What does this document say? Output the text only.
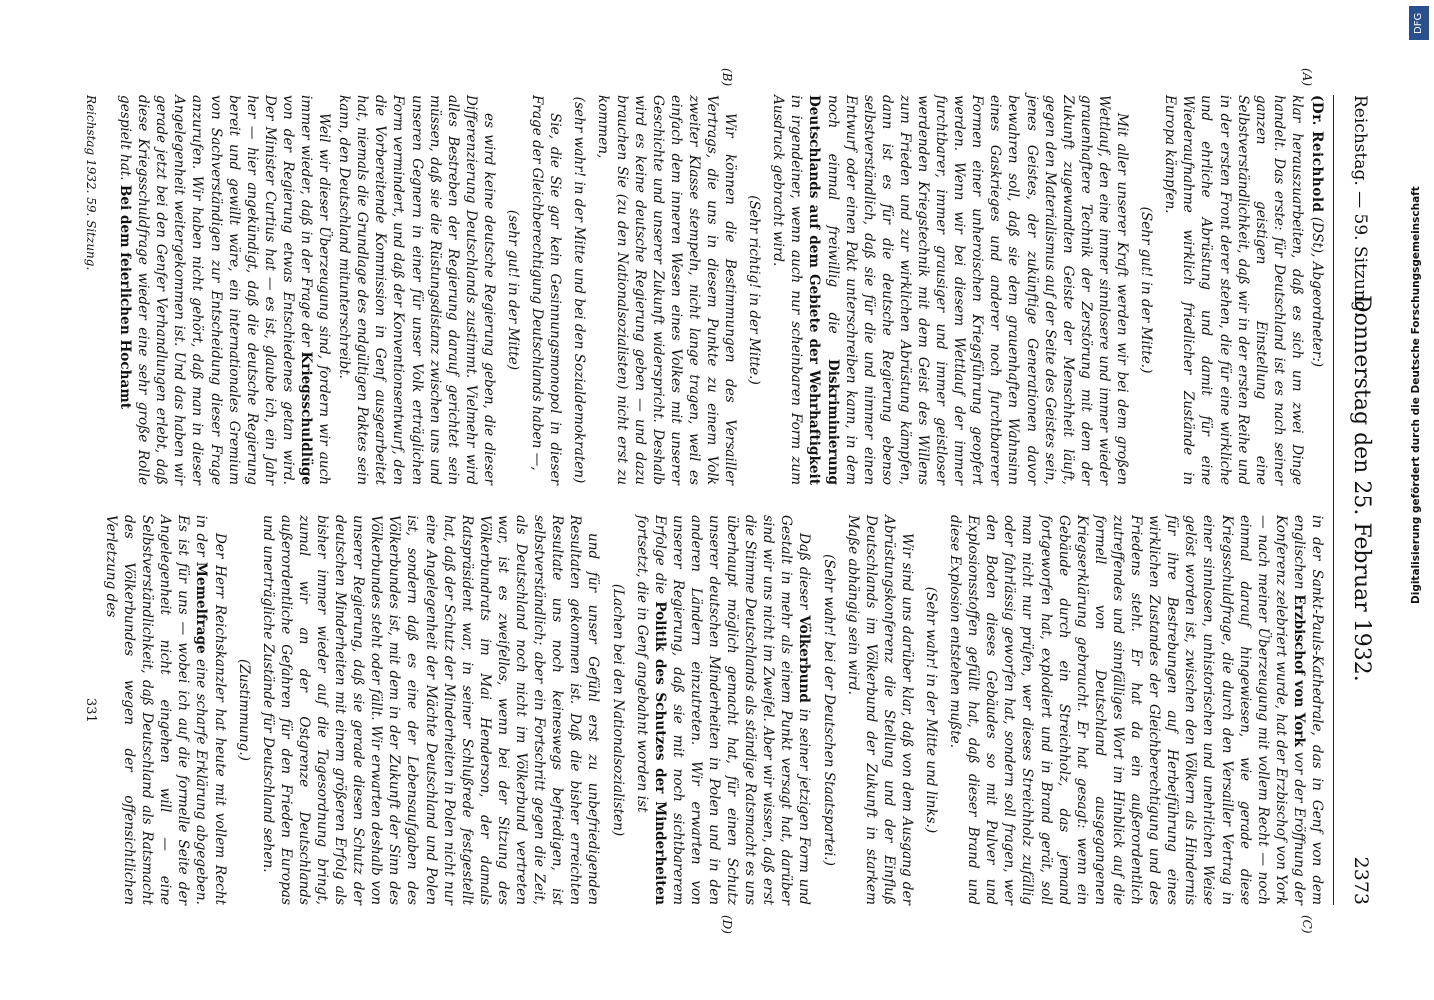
Reichstag. — 59. Sitzung.
Donnerstag den 25. Februar 1932.
2373
(A)
(B)
(C)
(D)

(Dr. Reichhold (DSt), Abgeordneter:)

klar herauszuarbeiten, daß es sich um zwei Dinge handelt. Das erste: für Deutschland ist es nach seiner ganzen geistigen Einstellung eine Selbstverständlichkeit, daß wir in der ersten Reihe und in der ersten Front derer stehen, die für eine wirkliche und ehrliche Abrüstung und damit für eine Wiederaufnahme wirklich friedlicher Zustände in Europa kämpfen.

(Sehr gut! in der Mitte.)

Mit aller unserer Kraft werden wir bei dem großen Wettlauf, den eine immer sinnlosere und immer wieder grauenhaftere Technik der Zerstörung mit dem der Zukunft zugewandten Geiste der Menschheit läuft, gegen den Materialismus auf der Seite des Geistes sein, jenes Geistes, der zukünftige Generationen davor bewahren soll, daß sie dem grauenhaften Wahnsinn eines Gaskrieges und anderer noch furchtbarerer Formen einer unheroischen Kriegsführung geopfert werden. Wenn wir bei diesem Wettlauf der immer furchtbarer, immer grausiger und immer geistloser werdenden Kriegstechnik mit dem Geist des Willens zum Frieden und zur wirklichen Abrüstung kämpfen, dann ist es für die deutsche Regierung ebenso selbstverständlich, daß sie für die und nimmer einen Entwurf oder einen Pakt unterschreiben kann, in dem noch einmal freiwillig die Diskriminierung Deutschlands auf dem Gebiete der Wehrhaftigkeit in irgendeiner, wenn auch nur scheinbaren Form zum Ausdruck gebracht wird.

(Sehr richtig! in der Mitte.)

Wir können die Bestimmungen des Versailler Vertrags, die uns in diesem Punkte zu einem Volk zweiter Klasse stempeln, nicht lange tragen, weil es einfach dem inneren Wesen eines Volkes mit unserer Geschichte und unserer Zukunft widerspricht. Deshalb wird es keine deutsche Regierung geben — und dazu brauchen Sie (zu den Nationalsozialisten) nicht erst zu kommen,

(sehr wahr! in der Mitte und bei den Sozialdemokraten)

Sie, die Sie gar kein Gesinnungsmonopol in dieser Frage der Gleichberechtigung Deutschlands haben —,

(sehr gut! in der Mitte)

es wird keine deutsche Regierung geben, die dieser Differenzierung Deutschlands zustimmt. Vielmehr wird alles Bestreben der Regierung darauf gerichtet sein müssen, daß sie die Rüstungsdistanz zwischen uns und unseren Gegnern in einer für unser Volk erträglichen Form vermindert, und daß der Konventionsentwurf, den die Vorbereitende Kommission in Genf ausgearbeitet hat, niemals die Grundlage des endgültigen Paktes sein kann, den Deutschland mitunterschreibt.

Weil wir dieser Überzeugung sind, fordern wir auch immer wieder, daß in der Frage der Kriegsschuldlüge von der Regierung etwas Entschiedenes getan wird. Der Minister Curtius hat — es ist, glaube ich, ein Jahr her — hier angekündigt, daß die deutsche Regierung bereit und gewillt wäre, ein internationales Gremium von Sachverständigen zur Entscheidung dieser Frage anzurufen. Wir haben nicht gehört, daß man in dieser Angelegenheit weitergekommen ist. Und das haben wir gerade jetzt bei den Genfer Verhandlungen erlebt, daß diese Kriegsschuldfrage wieder eine sehr große Rolle gespielt hat. Bei dem feierlichen Hochamt

in der Sankt-Pauls-Kathedrale, das in Genf von dem englischen Erzbischof von York vor der Eröffnung der Konferenz zelebriert wurde, hat der Erzbischof von York — nach meiner Überzeugung mit vollem Recht — noch einmal darauf hingewiesen, wie gerade diese Kriegsschuldfrage, die durch den Versailler Vertrag in einer sinnlosen, unhistorischen und unehrlichen Weise gelöst worden ist, zwischen den Völkern als Hindernis für ihre Bestrebungen auf Herbeiführung eines wirklichen Zustandes der Gleichberechtigung und des Friedens steht. Er hat da ein außerordentlich zutreffendes und sinnfälliges Wort im Hinblick auf die formell von Deutschland ausgegangenen Kriegserklärung gebraucht. Er hat gesagt: wenn ein Gebäude durch ein Streichholz, das jemand fortgeworfen hat, explodiert und in Brand gerät, soll man nicht nur prüfen, wer dieses Streichholz zufällig oder fahrlässig geworfen hat, sondern soll fragen, wer den Boden dieses Gebäudes so mit Pulver und Explosionsstoffen gefüllt hat, daß dieser Brand und diese Explosion entstehen mußte.

(Sehr wahr! in der Mitte und links.)

Wir sind uns darüber klar, daß von dem Ausgang der Abrüstungskonferenz die Stellung und der Einfluß Deutschlands im Völkerbund der Zukunft in starkem Maße abhängig sein wird.

(Sehr wahr! bei der Deutschen Staatspartei.)

Daß dieser Völkerbund in seiner jetzigen Form und Gestalt in mehr als einem Punkt versagt hat, darüber sind wir uns nicht im Zweifel. Aber wir wissen, daß erst die Stimme Deutschlands als ständige Ratsmacht es uns überhaupt möglich gemacht hat, für einen Schutz unserer deutschen Minderheiten in Polen und in den anderen Ländern einzutreten. Wir erwarten von unserer Regierung, daß sie mit noch sichtbarerem Erfolge die Politik des Schutzes der Minderheiten fortsetzt, die in Genf angebahnt worden ist

(Lachen bei den Nationalsozialisten)

und für unser Gefühl erst zu unbefriedigenden Resultaten gekommen ist. Daß die bisher erreichten Resultate uns noch keineswegs befriedigen, ist selbstverständlich; aber ein Fortschritt gegen die Zeit, als Deutschland noch nicht im Völkerbund vertreten war, ist es zweifellos, wenn bei der Sitzung des Völkerbundrats im Mai Henderson, der damals Ratspräsident war, in seiner Schlußrede festgestellt hat, daß der Schutz der Minderheiten in Polen nicht nur eine Angelegenheit der Mächte Deutschland und Polen ist, sondern daß es eine der Lebensaufgaben des Völkerbundes ist, mit dem in der Zukunft der Sinn des Völkerbundes steht oder fällt. Wir erwarten deshalb von unserer Regierung, daß sie gerade diesen Schutz der deutschen Minderheiten mit einem größeren Erfolg als bisher immer wieder auf die Tagesordnung bringt, zumal wir an der Ostgrenze Deutschlands außerordentliche Gefahren für den Frieden Europas und unerträgliche Zustände für Deutschland sehen.

(Zustimmung.)

Der Herr Reichskanzler hat heute mit vollem Recht in der Memelfrage eine scharfe Erklärung abgegeben. Es ist für uns — wobei ich auf die formelle Seite der Angelegenheit nicht eingehen will — eine Selbstverständlichkeit, daß Deutschland als Ratsmacht des Völkerbundes wegen der offensichtlichen Verletzung des

Reichstag 1932. 59. Sitzung.
331
DFG
Digitalisierung gefördert durch die Deutsche Forschungsgemeinschaft
